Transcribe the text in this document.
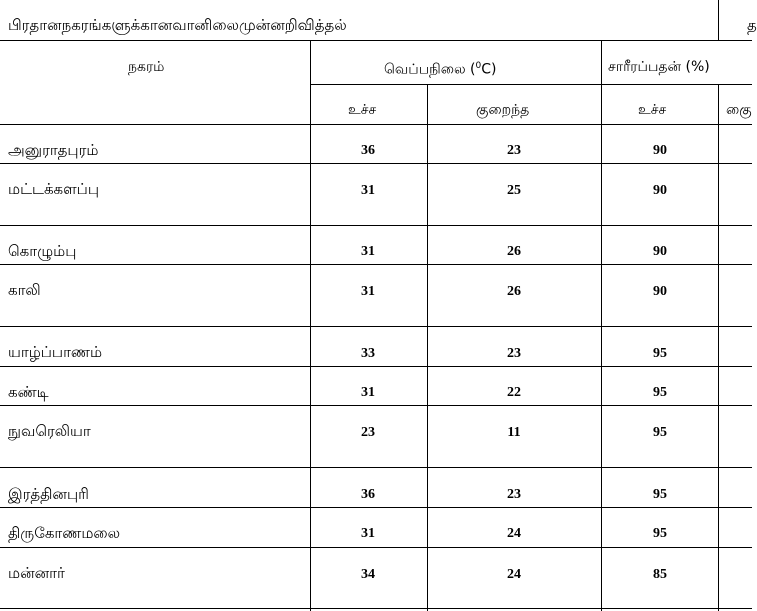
பிரதானநகரங்களுக்கானவானிலைமுன்னறிவித்தல்	த
நகரம்	வெப்பநிலை ($^0$C)	சாரீரப்பதன் (%)
உச்ச	குறைந்த	உச்ச	குை
அனுராதபுரம்	36	23	90
மட்டக்களப்பு	31	25	90
கொழும்பு	31	26	90
காலி	31	26	90
யாழ்ப்பாணம்	33	23	95
கண்டி	31	22	95
நுவரெலியா	23	11	95
இரத்தினபுரி	36	23	95
திருகோணமலை	31	24	95
மன்னார்	34	24	85
